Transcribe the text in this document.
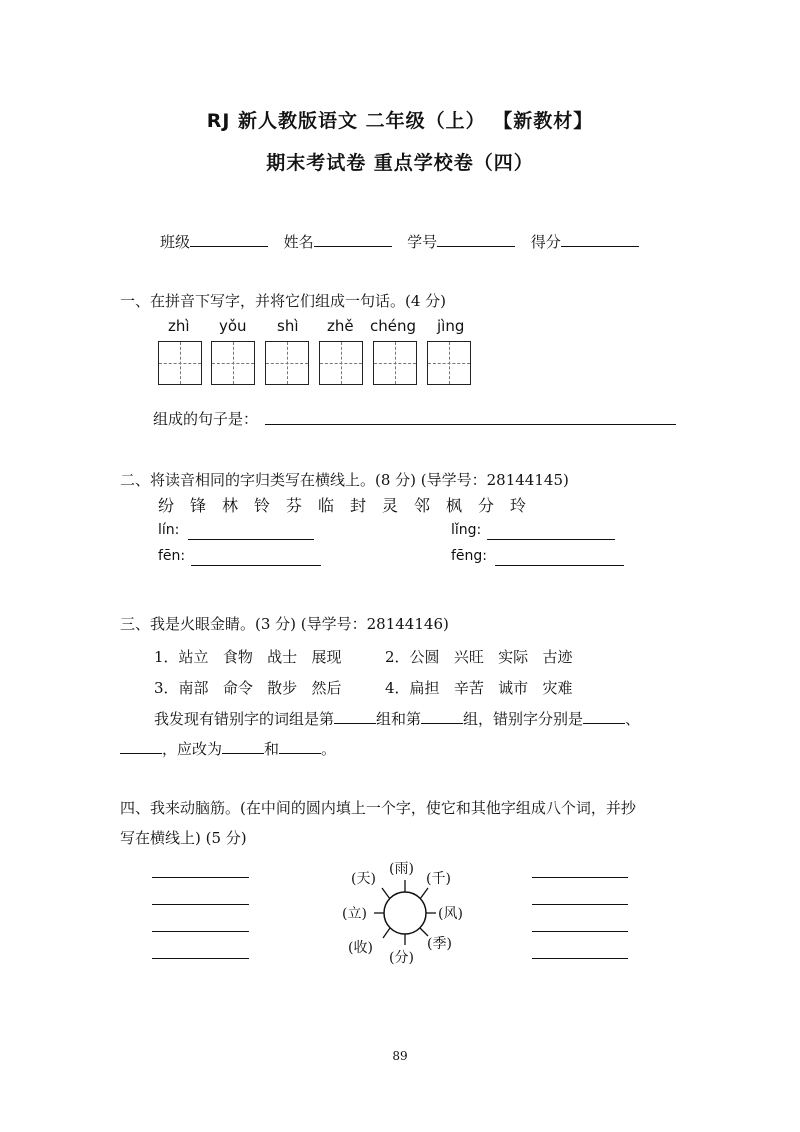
RJ 新人教版语文 二年级（上） 【新教材】
期末考试卷 重点学校卷（四）
班级	姓名	学号	得分
一、在拼音下写字，并将它们组成一句话。(4 分)
zhì yǒu shì zhě chéng jìng
组成的句子是：
二、将读音相同的字归类写在横线上。(8 分) (导学号：28144145)
纷 锋 林 铃 芬 临 封 灵 邻 枫 分 玲
lín:	lǐng:
fēn:	fēng:
三、我是火眼金睛。(3 分) (导学号：28144146)
1．站立   食物   战士   展现	2．公圆   兴旺   实际   古迹
3．南部   命令   散步   然后	4．扁担   辛苦   诚市   灾难
我发现有错别字的词组是第	组和第	组，错别字分别是	、
，应改为	和	。
四、我来动脑筋。(在中间的圆内填上一个字，使它和其他字组成八个词，并抄
写在横线上) (5 分)
(雨)
(千)
(风)
(季)
(分)
(收)
(立)
(天)
89
